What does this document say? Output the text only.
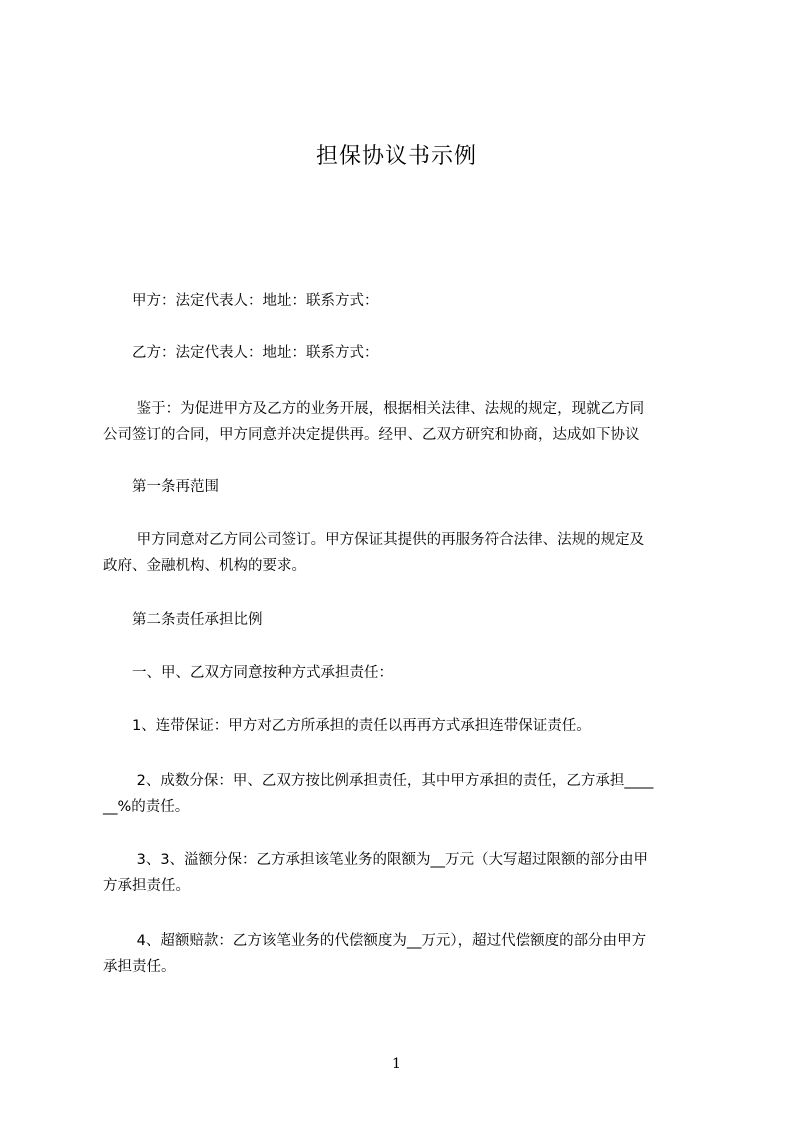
担保协议书示例

　　甲方：法定代表人：地址：联系方式：

　　乙方：法定代表人：地址：联系方式：

　　 鉴于：为促进甲方及乙方的业务开展，根据相关法律、法规的规定，现就乙方同
公司签订的合同，甲方同意并决定提供再。经甲、乙双方研究和协商，达成如下协议

　　第一条再范围

　　 甲方同意对乙方同公司签订。甲方保证其提供的再服务符合法律、法规的规定及
政府、金融机构、机构的要求。

　　第二条责任承担比例

　　一、甲、乙双方同意按种方式承担责任：

　　1、连带保证：甲方对乙方所承担的责任以再再方式承担连带保证责任。

　　 2、成数分保：甲、乙双方按比例承担责任，其中甲方承担的责任，乙方承担____
__%的责任。

　　 3、3、溢额分保：乙方承担该笔业务的限额为__万元（大写超过限额的部分由甲
方承担责任。

　　 4、超额赔款：乙方该笔业务的代偿额度为__万元），超过代偿额度的部分由甲方
承担责任。

1
